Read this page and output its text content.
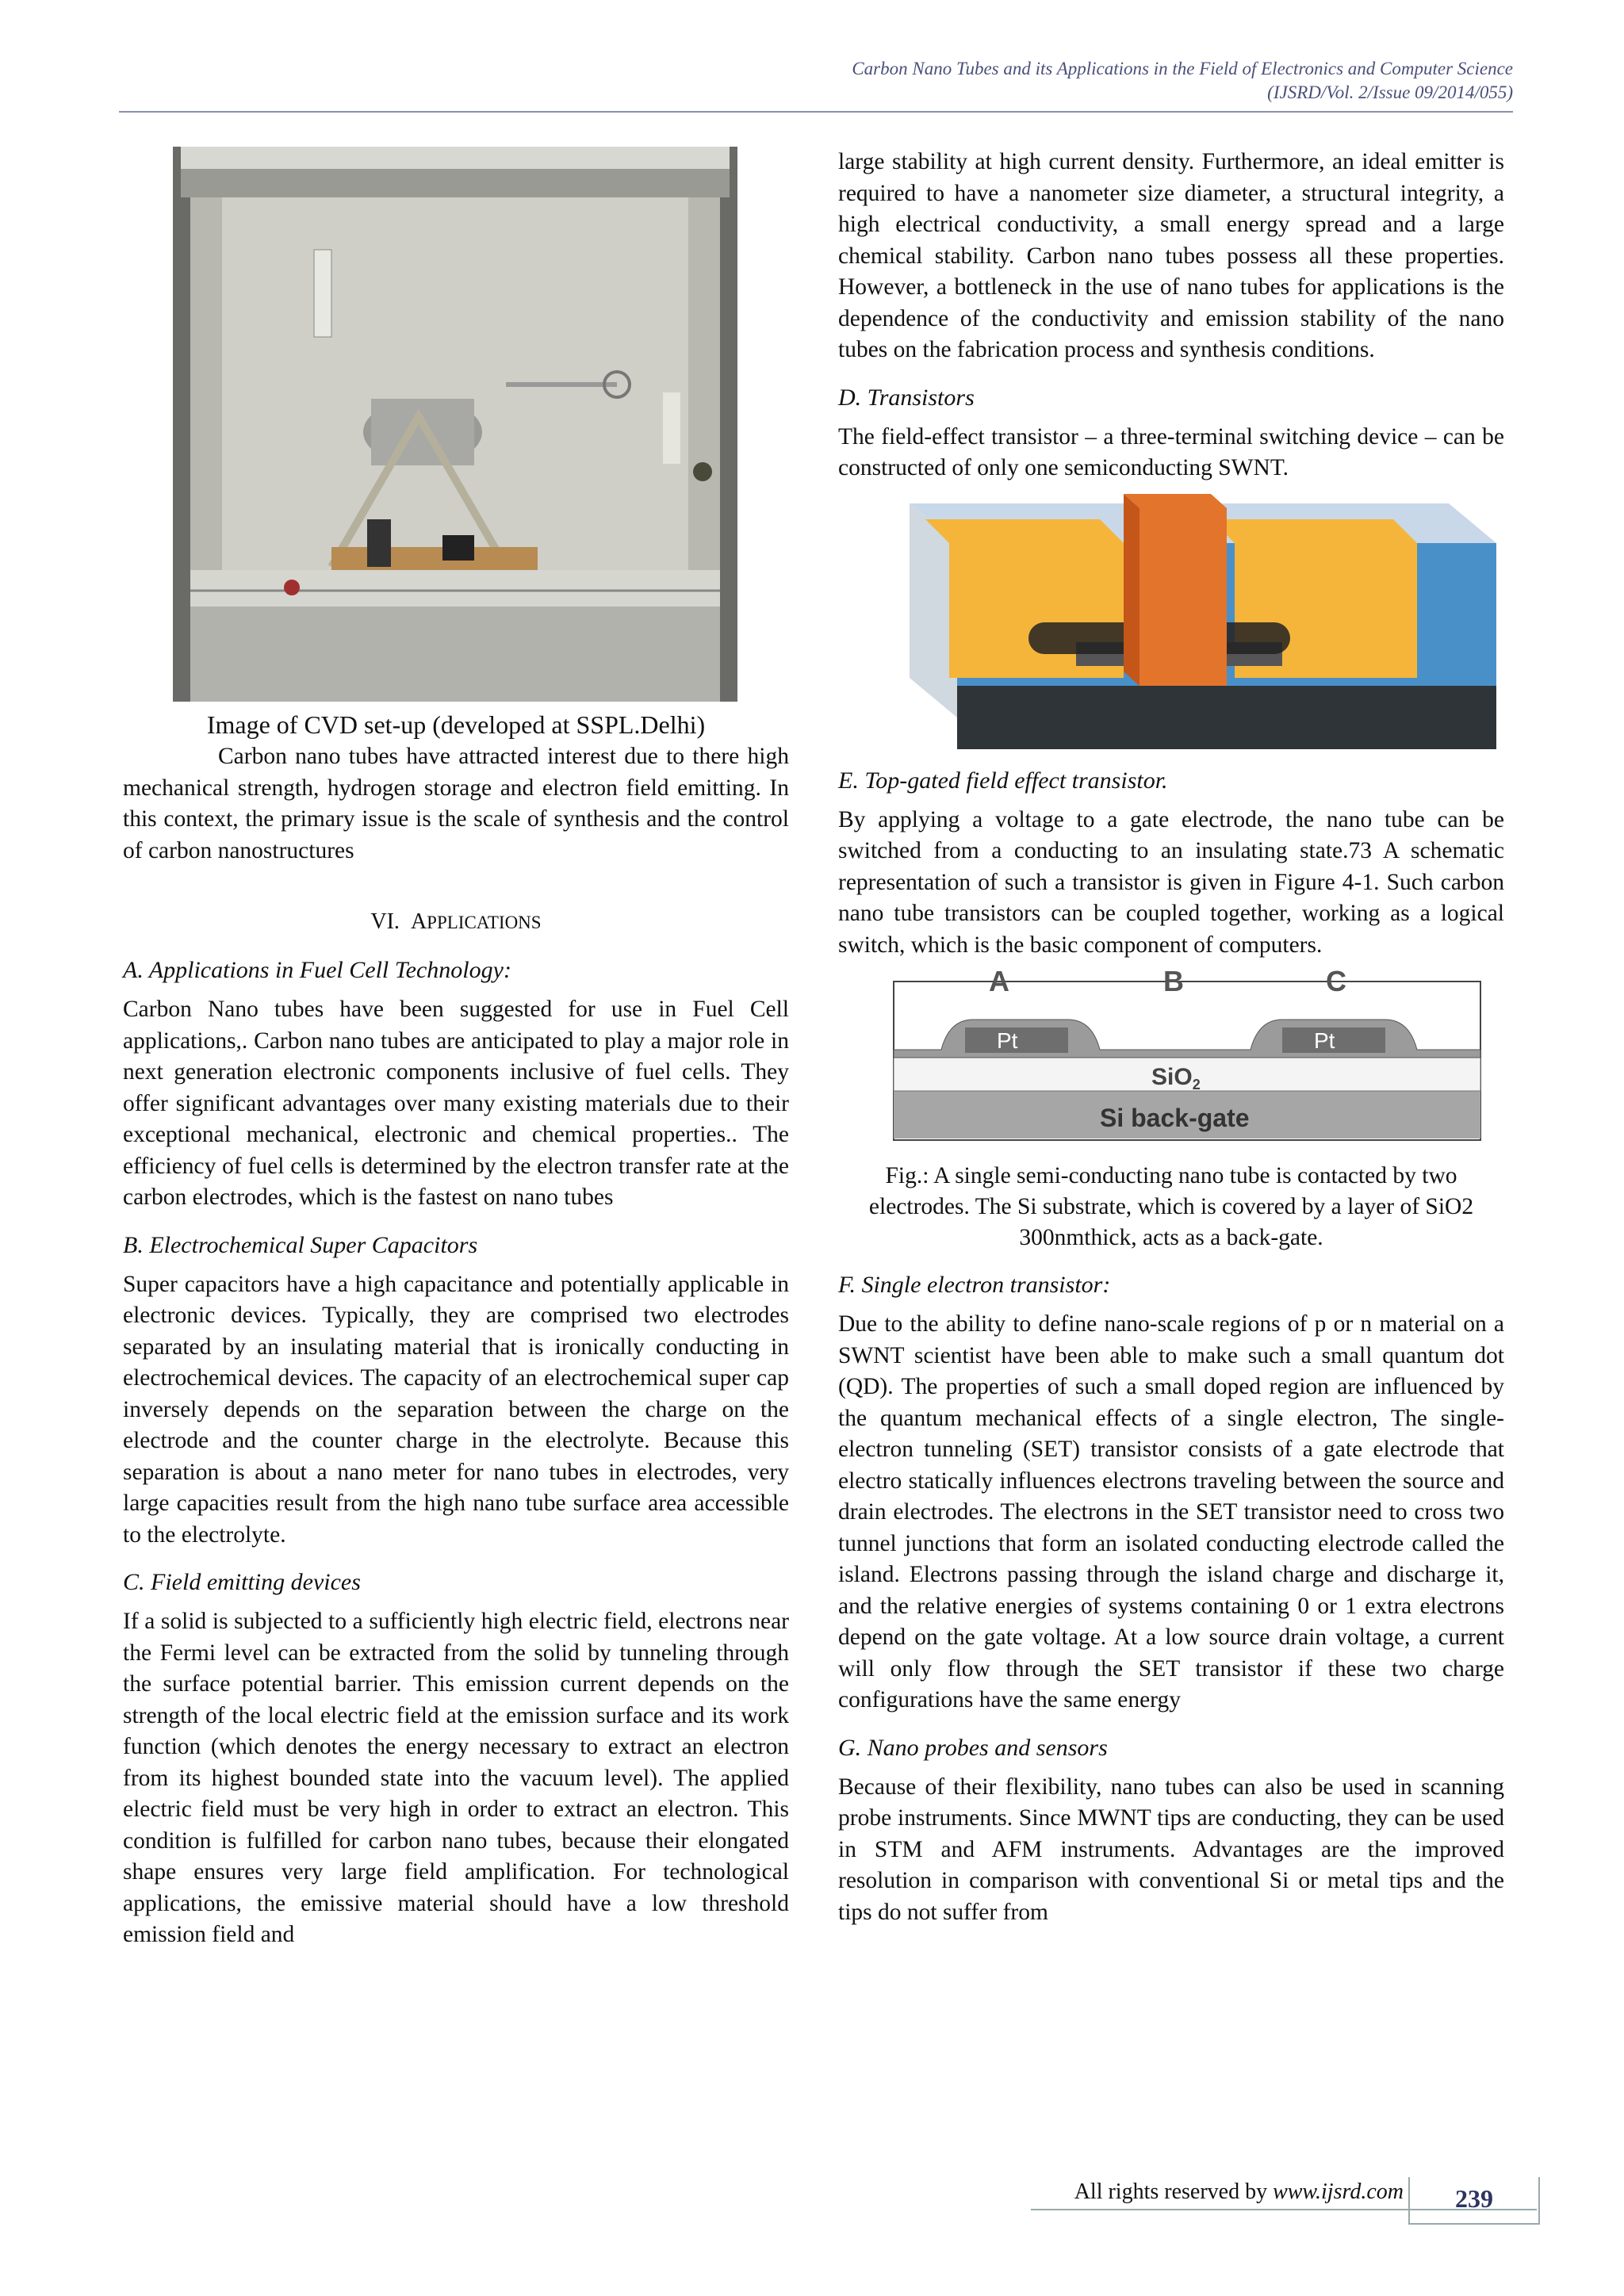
Carbon Nano Tubes and its Applications in the Field of Electronics and Computer Science
(IJSRD/Vol. 2/Issue 09/2014/055)

Image of CVD set-up (developed at SSPL.Delhi)

Carbon nano tubes have attracted interest due to there high mechanical strength, hydrogen storage and electron field emitting. In this context, the primary issue is the scale of synthesis and the control of carbon nanostructures

VI. APPLICATIONS
A. Applications in Fuel Cell Technology:

Carbon Nano tubes have been suggested for use in Fuel Cell applications,. Carbon nano tubes are anticipated to play a major role in next generation electronic components inclusive of fuel cells. They offer significant advantages over many existing materials due to their exceptional mechanical, electronic and chemical properties.. The efficiency of fuel cells is determined by the electron transfer rate at the carbon electrodes, which is the fastest on nano tubes

B. Electrochemical Super Capacitors

Super capacitors have a high capacitance and potentially applicable in electronic devices. Typically, they are comprised two electrodes separated by an insulating material that is ironically conducting in electrochemical devices. The capacity of an electrochemical super cap inversely depends on the separation between the charge on the electrode and the counter charge in the electrolyte. Because this separation is about a nano meter for nano tubes in electrodes, very large capacities result from the high nano tube surface area accessible to the electrolyte.

C. Field emitting devices

If a solid is subjected to a sufficiently high electric field, electrons near the Fermi level can be extracted from the solid by tunneling through the surface potential barrier. This emission current depends on the strength of the local electric field at the emission surface and its work function (which denotes the energy necessary to extract an electron from its highest bounded state into the vacuum level). The applied electric field must be very high in order to extract an electron. This condition is fulfilled for carbon nano tubes, because their elongated shape ensures very large field amplification. For technological applications, the emissive material should have a low threshold emission field and

large stability at high current density. Furthermore, an ideal emitter is required to have a nanometer size diameter, a structural integrity, a high electrical conductivity, a small energy spread and a large chemical stability. Carbon nano tubes possess all these properties. However, a bottleneck in the use of nano tubes for applications is the dependence of the conductivity and emission stability of the nano tubes on the fabrication process and synthesis conditions.

D. Transistors

The field-effect transistor – a three-terminal switching device – can be constructed of only one semiconducting SWNT.

E. Top-gated field effect transistor.

By applying a voltage to a gate electrode, the nano tube can be switched from a conducting to an insulating state.73 A schematic representation of such a transistor is given in Figure 4-1. Such carbon nano tube transistors can be coupled together, working as a logical switch, which is the basic component of computers.

A	B	C
Pt	Pt
SiO$_2$
Si back-gate

Fig.: A single semi-conducting nano tube is contacted by two electrodes. The Si substrate, which is covered by a layer of SiO2 300nmthick, acts as a back-gate.

F. Single electron transistor:

Due to the ability to define nano-scale regions of p or n material on a SWNT scientist have been able to make such a small quantum dot (QD). The properties of such a small doped region are influenced by the quantum mechanical effects of a single electron, The single-electron tunneling (SET) transistor consists of a gate electrode that electro statically influences electrons traveling between the source and drain electrodes. The electrons in the SET transistor need to cross two tunnel junctions that form an isolated conducting electrode called the island. Electrons passing through the island charge and discharge it, and the relative energies of systems containing 0 or 1 extra electrons depend on the gate voltage. At a low source drain voltage, a current will only flow through the SET transistor if these two charge configurations have the same energy

G. Nano probes and sensors

Because of their flexibility, nano tubes can also be used in scanning probe instruments. Since MWNT tips are conducting, they can be used in STM and AFM instruments. Advantages are the improved resolution in comparison with conventional Si or metal tips and the tips do not suffer from

All rights reserved by www.ijsrd.com	239
